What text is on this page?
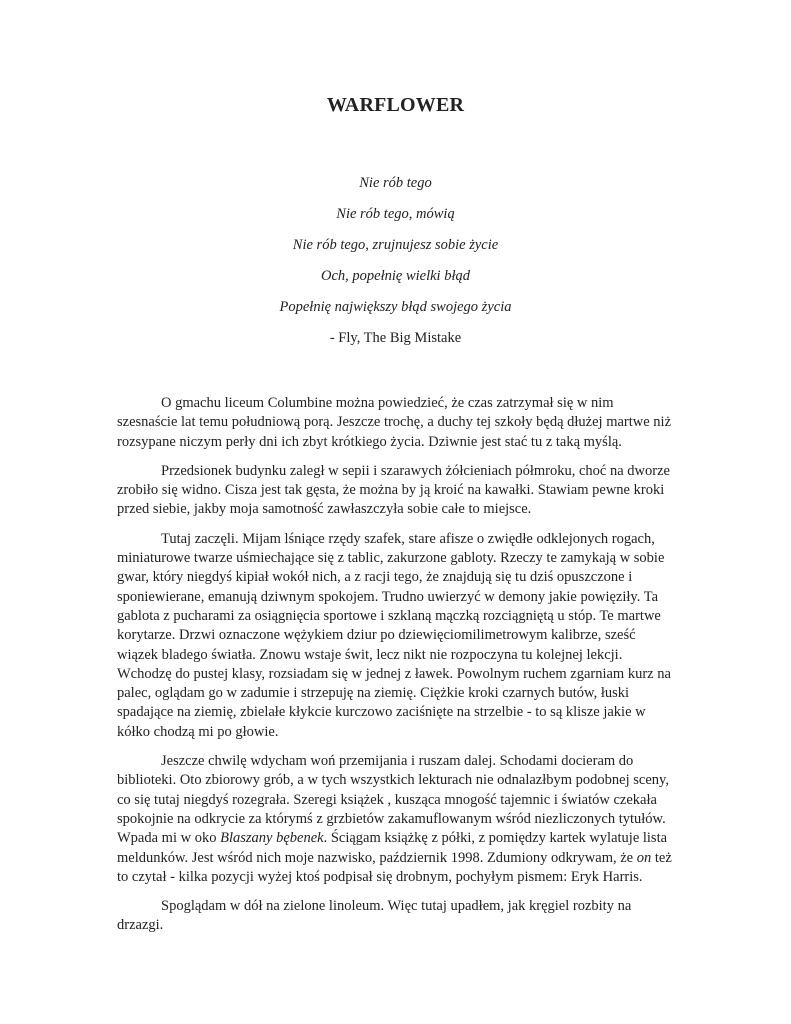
WARFLOWER
Nie rób tego
Nie rób tego, mówią
Nie rób tego, zrujnujesz sobie życie
Och, popełnię wielki błąd
Popełnię największy błąd swojego życia
- Fly, The Big Mistake

O gmachu liceum Columbine można powiedzieć, że czas zatrzymał się w nim szesnaście lat temu południową porą. Jeszcze trochę, a duchy tej szkoły będą dłużej martwe niż rozsypane niczym perły dni ich zbyt krótkiego życia. Dziwnie jest stać tu z taką myślą.

Przedsionek budynku zaległ w sepii i szarawych żółcieniach półmroku, choć na dworze zrobiło się widno. Cisza jest tak gęsta, że można by ją kroić na kawałki. Stawiam pewne kroki przed siebie, jakby moja samotność zawłaszczyła sobie całe to miejsce.

Tutaj zaczęli. Mijam lśniące rzędy szafek, stare afisze o zwiędłe odklejonych rogach, miniaturowe twarze uśmiechające się z tablic, zakurzone gabloty. Rzeczy te zamykają w sobie gwar, który niegdyś kipiał wokół nich, a z racji tego, że znajdują się tu dziś opuszczone i sponiewierane, emanują dziwnym spokojem. Trudno uwierzyć w demony jakie powięziły. Ta gablota z pucharami za osiągnięcia sportowe i szklaną mączką rozciągniętą u stóp. Te martwe korytarze. Drzwi oznaczone wężykiem dziur po dziewięciomilimetrowym kalibrze, sześć wiązek bladego światła. Znowu wstaje świt, lecz nikt nie rozpoczyna tu kolejnej lekcji. Wchodzę do pustej klasy, rozsiadam się w jednej z ławek. Powolnym ruchem zgarniam kurz na palec, oglądam go w zadumie i strzepuję na ziemię. Ciężkie kroki czarnych butów, łuski spadające na ziemię, zbielałe kłykcie kurczowo zaciśnięte na strzelbie - to są klisze jakie w kółko chodzą mi po głowie.

Jeszcze chwilę wdycham woń przemijania i ruszam dalej. Schodami docieram do biblioteki. Oto zbiorowy grób, a w tych wszystkich lekturach nie odnalazłbym podobnej sceny, co się tutaj niegdyś rozegrała. Szeregi książek , kusząca mnogość tajemnic i światów czekała spokojnie na odkrycie za którymś z grzbietów zakamuflowanym wśród niezliczonych tytułów. Wpada mi w oko Blaszany bębenek. Ściągam książkę z półki, z pomiędzy kartek wylatuje lista meldunków. Jest wśród nich moje nazwisko, październik 1998. Zdumiony odkrywam, że on też to czytał - kilka pozycji wyżej ktoś podpisał się drobnym, pochyłym pismem: Eryk Harris.

Spoglądam w dół na zielone linoleum. Więc tutaj upadłem, jak kręgiel rozbity na drzazgi.
